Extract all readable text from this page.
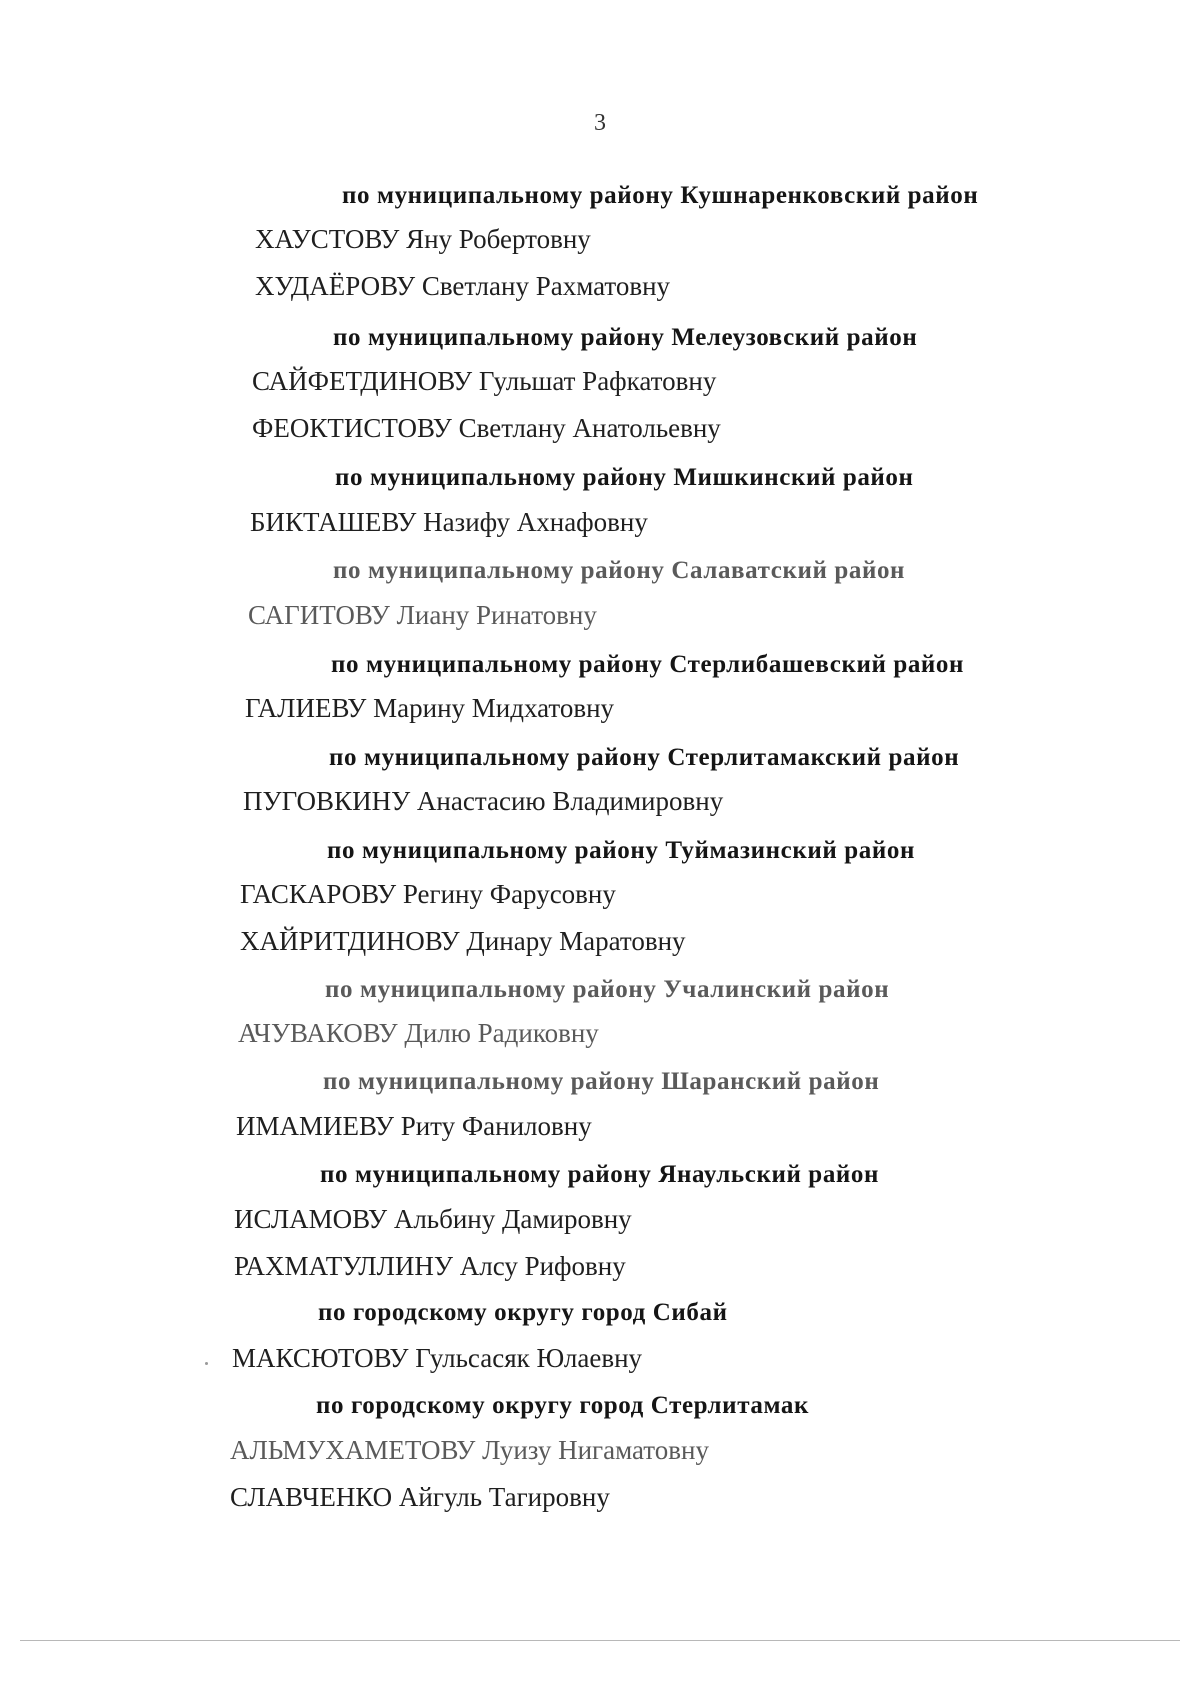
3
по муниципальному району Кушнаренковский район
ХАУСТОВУ Яну Робертовну
ХУДАЁРОВУ Светлану Рахматовну
по муниципальному району Мелеузовский район
САЙФЕТДИНОВУ Гульшат Рафкатовну
ФЕОКТИСТОВУ Светлану Анатольевну
по муниципальному району Мишкинский район
БИКТАШЕВУ Назифу Ахнафовну
по муниципальному району Салаватский район
САГИТОВУ Лиану Ринатовну
по муниципальному району Стерлибашевский район
ГАЛИЕВУ Марину Мидхатовну
по муниципальному району Стерлитамакский район
ПУГОВКИНУ Анастасию Владимировну
по муниципальному району Туймазинский район
ГАСКАРОВУ Регину Фарусовну
ХАЙРИТДИНОВУ Динару Маратовну
по муниципальному району Учалинский район
АЧУВАКОВУ Дилю Радиковну
по муниципальному району Шаранский район
ИМАМИЕВУ Риту Фаниловну
по муниципальному району Янаульский район
ИСЛАМОВУ Альбину Дамировну
РАХМАТУЛЛИНУ Алсу Рифовну
по городскому округу город Сибай
МАКСЮТОВУ Гульсасяк Юлаевну
по городскому округу город Стерлитамак
АЛЬМУХАМЕТОВУ Луизу Нигаматовну
СЛАВЧЕНКО Айгуль Тагировну
